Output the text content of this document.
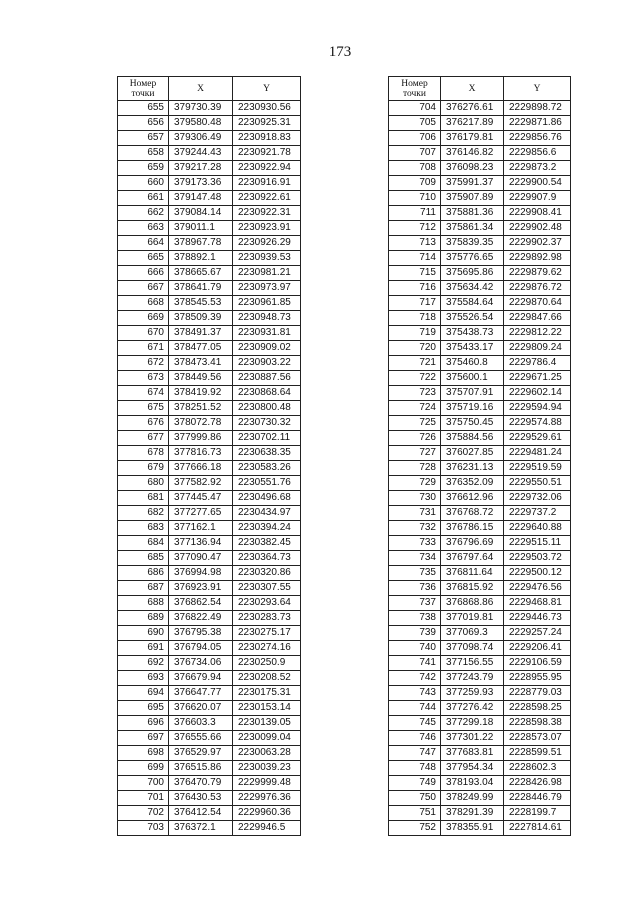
173
Номер точки	X	Y
655	379730.39	2230930.56
656	379580.48	2230925.31
657	379306.49	2230918.83
658	379244.43	2230921.78
659	379217.28	2230922.94
660	379173.36	2230916.91
661	379147.48	2230922.61
662	379084.14	2230922.31
663	379011.1	2230923.91
664	378967.78	2230926.29
665	378892.1	2230939.53
666	378665.67	2230981.21
667	378641.79	2230973.97
668	378545.53	2230961.85
669	378509.39	2230948.73
670	378491.37	2230931.81
671	378477.05	2230909.02
672	378473.41	2230903.22
673	378449.56	2230887.56
674	378419.92	2230868.64
675	378251.52	2230800.48
676	378072.78	2230730.32
677	377999.86	2230702.11
678	377816.73	2230638.35
679	377666.18	2230583.26
680	377582.92	2230551.76
681	377445.47	2230496.68
682	377277.65	2230434.97
683	377162.1	2230394.24
684	377136.94	2230382.45
685	377090.47	2230364.73
686	376994.98	2230320.86
687	376923.91	2230307.55
688	376862.54	2230293.64
689	376822.49	2230283.73
690	376795.38	2230275.17
691	376794.05	2230274.16
692	376734.06	2230250.9
693	376679.94	2230208.52
694	376647.77	2230175.31
695	376620.07	2230153.14
696	376603.3	2230139.05
697	376555.66	2230099.04
698	376529.97	2230063.28
699	376515.86	2230039.23
700	376470.79	2229999.48
701	376430.53	2229976.36
702	376412.54	2229960.36
703	376372.1	2229946.5
Номер точки	X	Y
704	376276.61	2229898.72
705	376217.89	2229871.86
706	376179.81	2229856.76
707	376146.82	2229856.6
708	376098.23	2229873.2
709	375991.37	2229900.54
710	375907.89	2229907.9
711	375881.36	2229908.41
712	375861.34	2229902.48
713	375839.35	2229902.37
714	375776.65	2229892.98
715	375695.86	2229879.62
716	375634.42	2229876.72
717	375584.64	2229870.64
718	375526.54	2229847.66
719	375438.73	2229812.22
720	375433.17	2229809.24
721	375460.8	2229786.4
722	375600.1	2229671.25
723	375707.91	2229602.14
724	375719.16	2229594.94
725	375750.45	2229574.88
726	375884.56	2229529.61
727	376027.85	2229481.24
728	376231.13	2229519.59
729	376352.09	2229550.51
730	376612.96	2229732.06
731	376768.72	2229737.2
732	376786.15	2229640.88
733	376796.69	2229515.11
734	376797.64	2229503.72
735	376811.64	2229500.12
736	376815.92	2229476.56
737	376868.86	2229468.81
738	377019.81	2229446.73
739	377069.3	2229257.24
740	377098.74	2229206.41
741	377156.55	2229106.59
742	377243.79	2228955.95
743	377259.93	2228779.03
744	377276.42	2228598.25
745	377299.18	2228598.38
746	377301.22	2228573.07
747	377683.81	2228599.51
748	377954.34	2228602.3
749	378193.04	2228426.98
750	378249.99	2228446.79
751	378291.39	2228199.7
752	378355.91	2227814.61
